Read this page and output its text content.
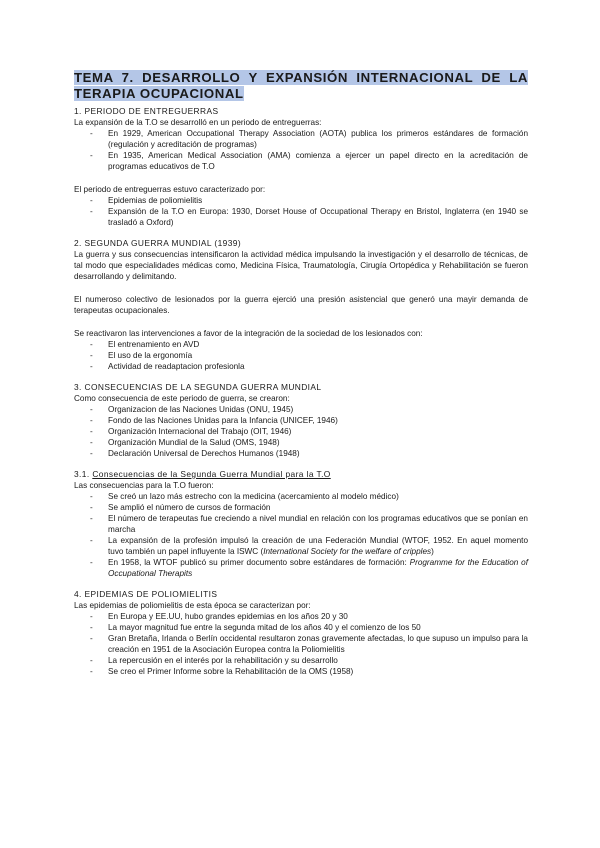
TEMA 7. DESARROLLO Y EXPANSIÓN INTERNACIONAL DE LA TERAPIA OCUPACIONAL

1. PERIODO DE ENTREGUERRAS

La expansión de la T.O se desarrolló en un periodo de entreguerras:

- En 1929, American Occupational Therapy Association (AOTA) publica los primeros estándares de formación (regulación y acreditación de programas)
- En 1935, American Medical Association (AMA) comienza a ejercer un papel directo en la acreditación de programas educativos de T.O

El periodo de entreguerras estuvo caracterizado por:

- Epidemias de poliomielitis
- Expansión de la T.O en Europa: 1930, Dorset House of Occupational Therapy en Bristol, Inglaterra (en 1940 se trasladó a Oxford)

2. SEGUNDA GUERRA MUNDIAL (1939)

La guerra y sus consecuencias intensificaron la actividad médica impulsando la investigación y el desarrollo de técnicas, de tal modo que especialidades médicas como, Medicina Física, Traumatología, Cirugía Ortopédica y Rehabilitación se fueron desarrollando y delimitando.

El numeroso colectivo de lesionados por la guerra ejerció una presión asistencial que generó una mayir demanda de terapeutas ocupacionales.

Se reactivaron las intervenciones a favor de la integración de la sociedad de los lesionados con:

- El entrenamiento en AVD
- El uso de la ergonomía
- Actividad de readaptacion profesionla

3. CONSECUENCIAS DE LA SEGUNDA GUERRA MUNDIAL

Como consecuencia de este periodo de guerra, se crearon:

- Organizacion de las Naciones Unidas (ONU, 1945)
- Fondo de las Naciones Unidas para la Infancia (UNICEF, 1946)
- Organización Internacional del Trabajo (OIT, 1946)
- Organización Mundial de la Salud (OMS, 1948)
- Declaración Universal de Derechos Humanos (1948)

3.1. Consecuencias de la Segunda Guerra Mundial para la T.O

Las consecuencias para la T.O fueron:

- Se creó un lazo más estrecho con la medicina (acercamiento al modelo médico)
- Se amplió el número de cursos de formación
- El número de terapeutas fue creciendo a nivel mundial en relación con los programas educativos que se ponían en marcha
- La expansión de la profesión impulsó la creación de una Federación Mundial (WTOF, 1952. En aquel momento tuvo también un papel influyente la ISWC (International Society for the welfare of cripples)
- En 1958, la WTOF publicó su primer documento sobre estándares de formación: Programme for the Education of Occupational Therapits

4. EPIDEMIAS DE POLIOMIELITIS

Las epidemias de poliomielitis de esta época se caracterizan por:

- En Europa y EE.UU, hubo grandes epidemias en los años 20 y 30
- La mayor magnitud fue entre la segunda mitad de los años 40 y el comienzo de los 50
- Gran Bretaña, Irlanda o Berlín occidental resultaron zonas gravemente afectadas, lo que supuso un impulso para la creación en 1951 de la Asociación Europea contra la Poliomielitis
- La repercusión en el interés por la rehabilitación y su desarrollo
- Se creo el Primer Informe sobre la Rehabilitación de la OMS (1958)
